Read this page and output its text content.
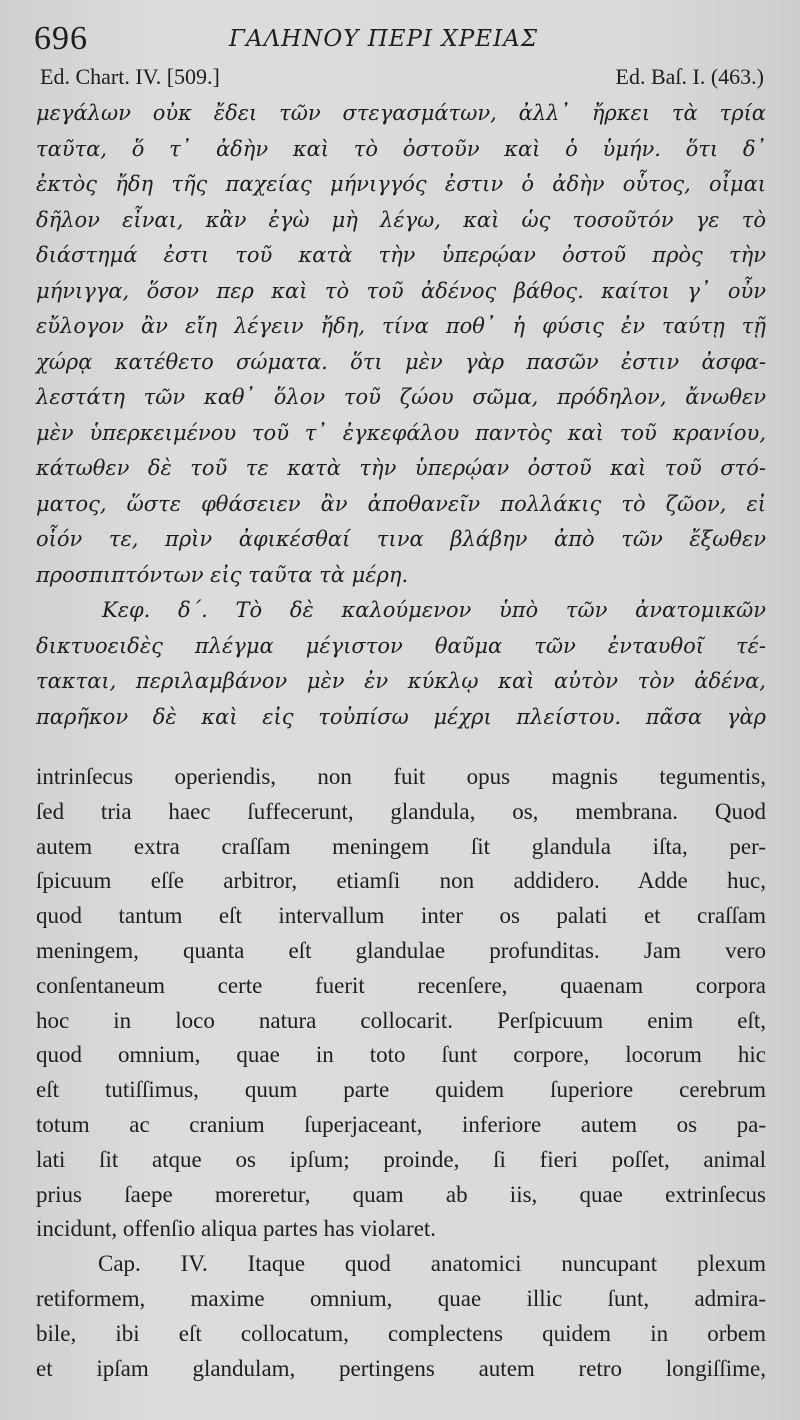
696	ΓΑΛΗΝΟΥ ΠΕΡΙ ΧΡΕΙΑΣ
Ed. Chart. IV. [509.]	Ed. Baſ. I. (463.)
μεγάλων οὐκ ἔδει τῶν στεγασμάτων, ἀλλ᾽ ἤρκει τὰ τρία
ταῦτα, ὅ τ᾽ ἀδὴν καὶ τὸ ὀστοῦν καὶ ὁ ὑμήν. ὅτι δ᾽
ἐκτὸς ἤδη τῆς παχείας μήνιγγός ἐστιν ὁ ἀδὴν οὗτος, οἶμαι
δῆλον εἶναι, κἂν ἐγὼ μὴ λέγω, καὶ ὡς τοσοῦτόν γε τὸ
διάστημά ἐστι τοῦ κατὰ τὴν ὑπερῴαν ὀστοῦ πρὸς τὴν
μήνιγγα, ὅσον περ καὶ τὸ τοῦ ἀδένος βάθος. καίτοι γ᾽ οὖν
εὔλογον ἂν εἴη λέγειν ἤδη, τίνα ποθ᾽ ἡ φύσις ἐν ταύτῃ τῇ
χώρᾳ κατέθετο σώματα. ὅτι μὲν γὰρ πασῶν ἐστιν ἀσφα-
λεστάτη τῶν καθ᾽ ὅλον τοῦ ζώου σῶμα, πρόδηλον, ἄνωθεν
μὲν ὑπερκειμένου τοῦ τ᾽ ἐγκεφάλου παντὸς καὶ τοῦ κρανίου,
κάτωθεν δὲ τοῦ τε κατὰ τὴν ὑπερῴαν ὀστοῦ καὶ τοῦ στό-
ματος, ὥστε φθάσειεν ἂν ἀποθανεῖν πολλάκις τὸ ζῶον, εἰ
οἷόν τε, πρὶν ἀφικέσθαί τινα βλάβην ἀπὸ τῶν ἔξωθεν
προσπιπτόντων εἰς ταῦτα τὰ μέρη.
Κεφ. δ΄. Τὸ δὲ καλούμενον ὑπὸ τῶν ἀνατομικῶν
δικτυοειδὲς πλέγμα μέγιστον θαῦμα τῶν ἐνταυθοῖ τέ-
τακται, περιλαμβάνον μὲν ἐν κύκλῳ καὶ αὐτὸν τὸν ἀδένα,
παρῆκον δὲ καὶ εἰς τοὐπίσω μέχρι πλείστου. πᾶσα γὰρ
intrinſecus operiendis, non fuit opus magnis tegumentis,
ſed tria haec ſuffecerunt, glandula, os, membrana. Quod
autem extra craſſam meningem ſit glandula iſta, per-
ſpicuum eſſe arbitror, etiamſi non addidero. Adde huc,
quod tantum eſt intervallum inter os palati et craſſam
meningem, quanta eſt glandulae profunditas. Jam vero
conſentaneum certe fuerit recenſere, quaenam corpora
hoc in loco natura collocarit. Perſpicuum enim eſt,
quod omnium, quae in toto ſunt corpore, locorum hic
eſt tutiſſimus, quum parte quidem ſuperiore cerebrum
totum ac cranium ſuperjaceant, inferiore autem os pa-
lati ſit atque os ipſum; proinde, ſi fieri poſſet, animal
prius ſaepe moreretur, quam ab iis, quae extrinſecus
incidunt, offenſio aliqua partes has violaret.
Cap. IV. Itaque quod anatomici nuncupant plexum
retiformem, maxime omnium, quae illic ſunt, admira-
bile, ibi eſt collocatum, complectens quidem in orbem
et ipſam glandulam, pertingens autem retro longiſſime,
